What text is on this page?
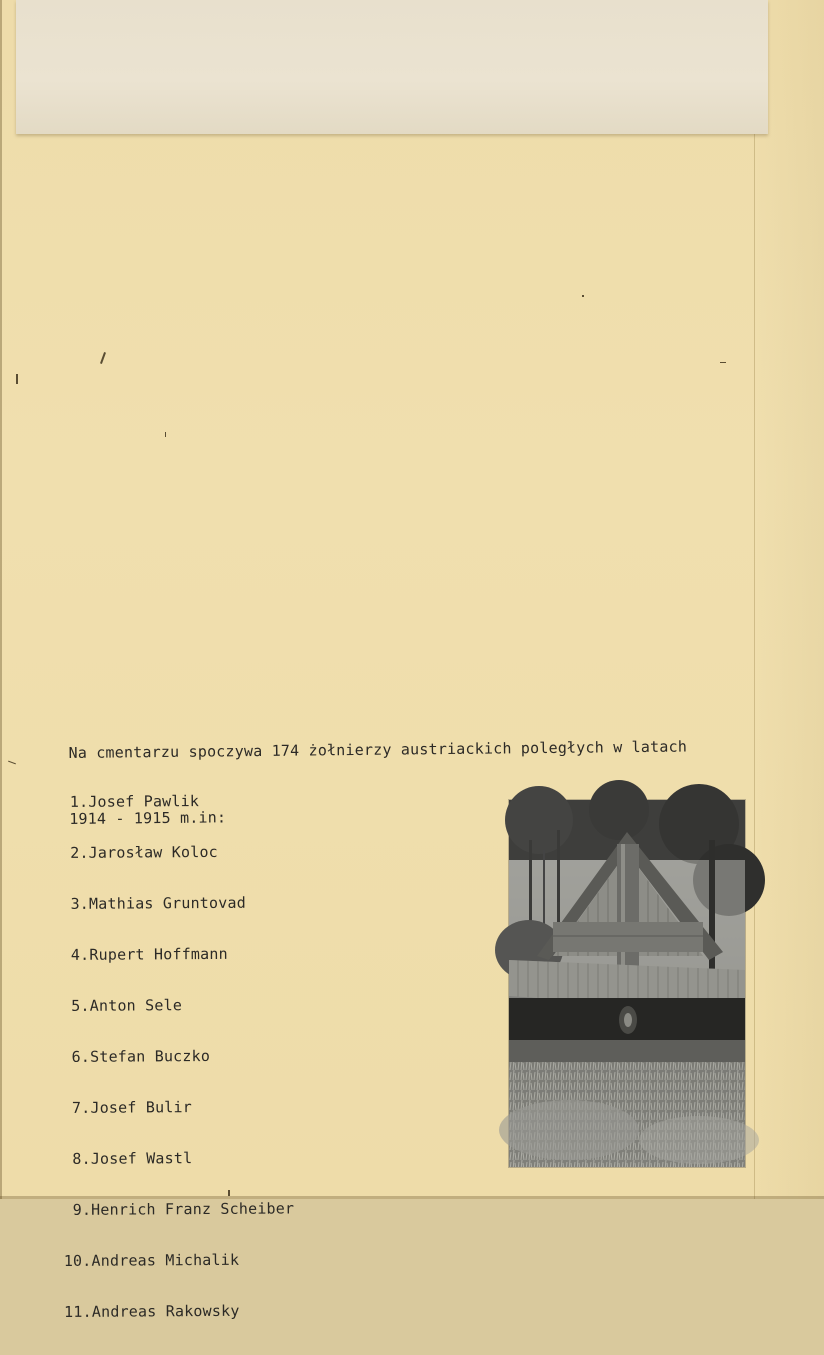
Na cmentarzu spoczywa 174 żołnierzy austriackich poległych w latach

1914 - 1915 m.in:

1.Josef Pawlik

2.Jarosław Koloc

3.Mathias Gruntovad

4.Rupert Hoffmann

5.Anton Sele

6.Stefan Buczko

7.Josef Bulir

8.Josef Wastl

9.Henrich Franz Scheiber

10.Andreas Michalik

11.Andreas Rakowsky
